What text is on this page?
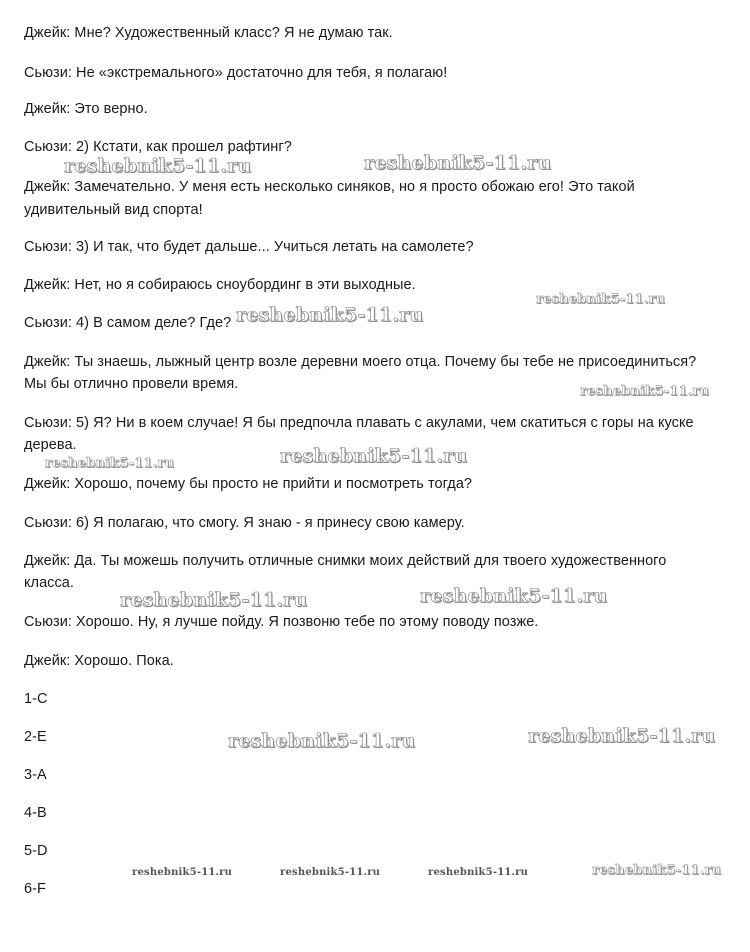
Джейк: Мне? Художественный класс? Я не думаю так.
Сьюзи: Не «экстремального» достаточно для тебя, я полагаю!
Джейк: Это верно.
Сьюзи: 2) Кстати, как прошел рафтинг?
Джейк: Замечательно. У меня есть несколько синяков, но я просто обожаю его! Это такой
удивительный вид спорта!
Сьюзи: 3) И так, что будет дальше... Учиться летать на самолете?
Джейк: Нет, но я собираюсь сноубординг в эти выходные.
Сьюзи: 4) В самом деле? Где?
Джейк: Ты знаешь, лыжный центр возле деревни моего отца. Почему бы тебе не присоединиться?
Мы бы отлично провели время.
Сьюзи: 5) Я? Ни в коем случае! Я бы предпочла плавать с акулами, чем скатиться с горы на куске
дерева.
Джейк: Хорошо, почему бы просто не прийти и посмотреть тогда?
Сьюзи: 6) Я полагаю, что смогу. Я знаю - я принесу свою камеру.
Джейк: Да. Ты можешь получить отличные снимки моих действий для твоего художественного
класса.
Сьюзи: Хорошо. Ну, я лучше пойду. Я позвоню тебе по этому поводу позже.
Джейк: Хорошо. Пока.
1-C
2-E
3-A
4-B
5-D
6-F
reshebnik5-11.ru	reshebnik5-11.ru
reshebnik5-11.ru
reshebnik5-11.ru
reshebnik5-11.ru
reshebnik5-11.ru
reshebnik5-11.ru
reshebnik5-11.ru	reshebnik5-11.ru
reshebnik5-11.ru	reshebnik5-11.ru
reshebnik5-11.ru	reshebnik5-11.ru	reshebnik5-11.ru	reshebnik5-11.ru
